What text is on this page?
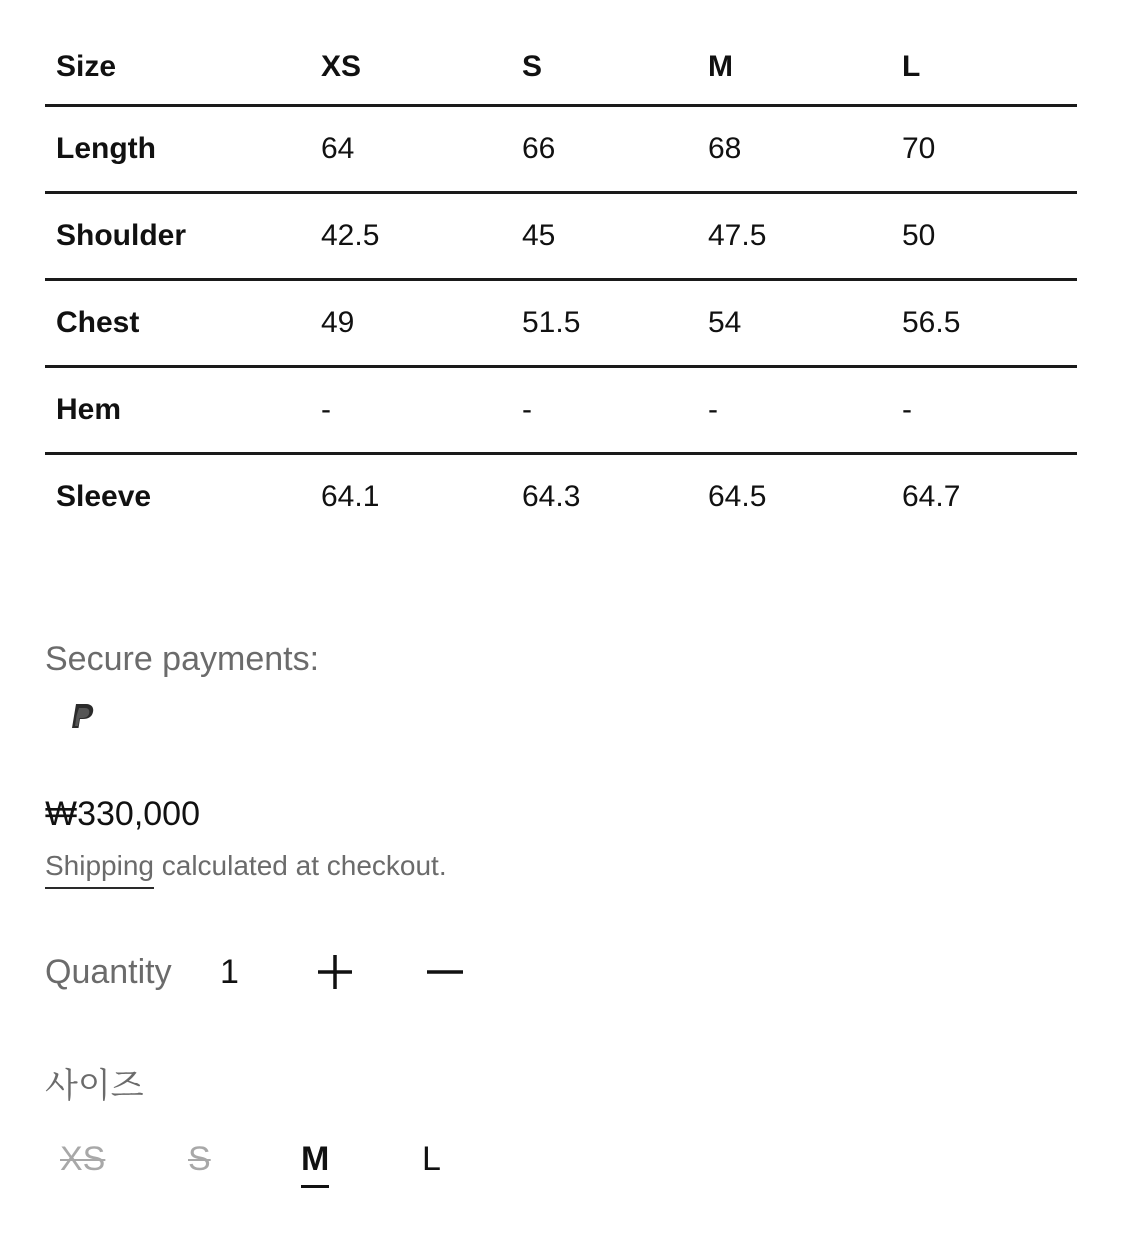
Size	XS	S	M	L
Length	64	66	68	70
Shoulder	42.5	45	47.5	50
Chest	49	51.5	54	56.5
Hem	-	-	-	-
Sleeve	64.1	64.3	64.5	64.7
Secure payments:
₩330,000
Shipping calculated at checkout.
Quantity 1
사이즈
XS S	M	L
